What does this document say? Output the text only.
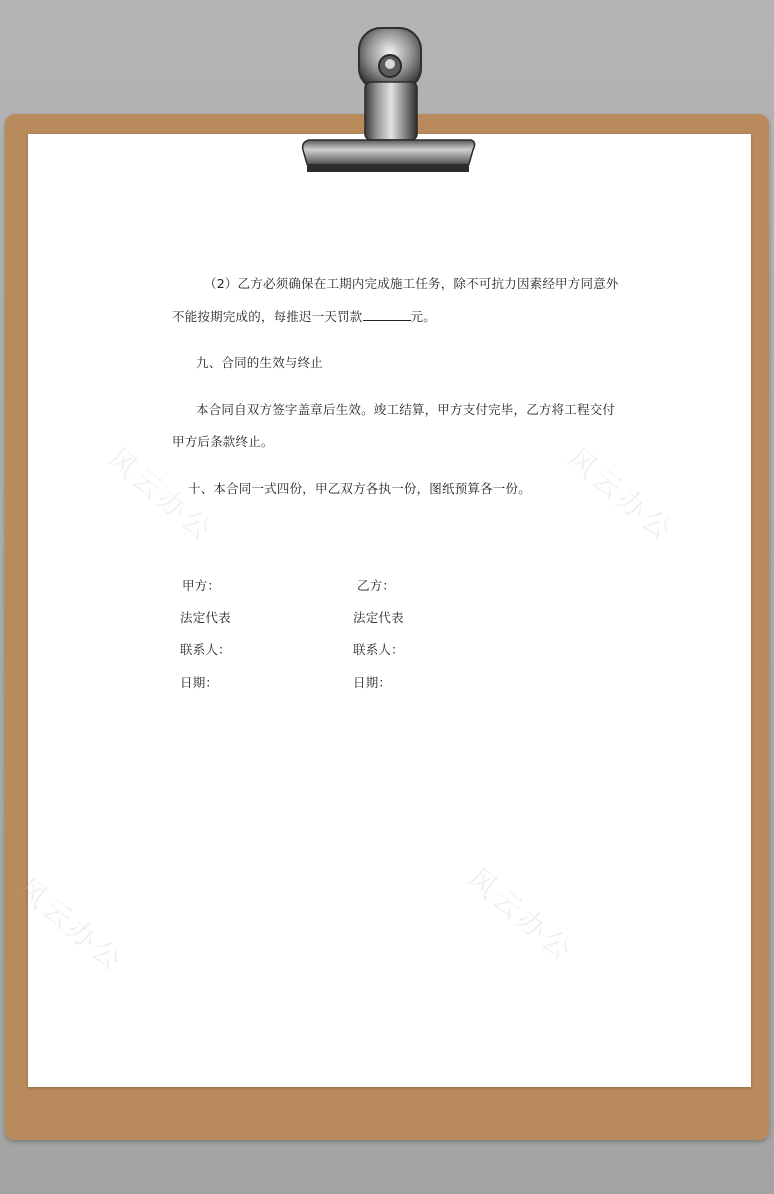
风云办公	风云办公
风云办公	风云办公
（2）乙方必须确保在工期内完成施工任务，除不可抗力因素经甲方同意外
不能按期完成的，每推迟一天罚款	元。
九、合同的生效与终止
本合同自双方签字盖章后生效。竣工结算，甲方支付完毕，乙方将工程交付
甲方后条款终止。
十、本合同一式四份，甲乙双方各执一份，图纸预算各一份。
甲方：	乙方：
法定代表	法定代表
联系人：	联系人：
日期：	日期：
